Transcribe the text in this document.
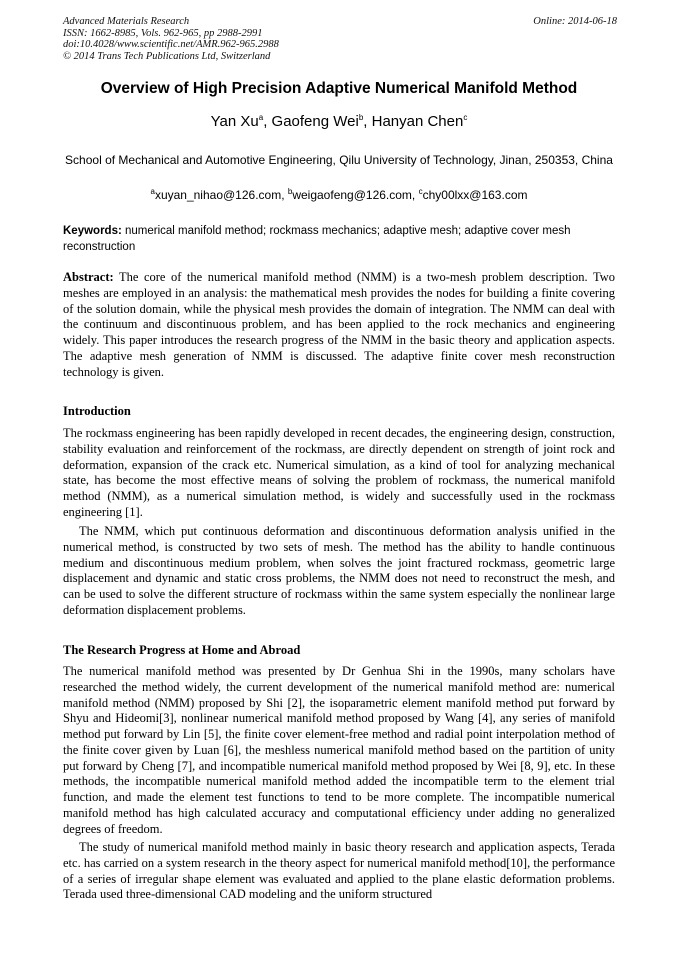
Advanced Materials Research
ISSN: 1662-8985, Vols. 962-965, pp 2988-2991
doi:10.4028/www.scientific.net/AMR.962-965.2988
© 2014 Trans Tech Publications Ltd, Switzerland
Online: 2014-06-18
Overview of High Precision Adaptive Numerical Manifold Method
Yan Xu$^a$, Gaofeng Wei$^b$, Hanyan Chen$^c$
School of Mechanical and Automotive Engineering, Qilu University of Technology, Jinan, 250353, China
$^a$xuyan_nihao@126.com, $^b$weigaofeng@126.com, $^c$chy00lxx@163.com
Keywords: numerical manifold method; rockmass mechanics; adaptive mesh; adaptive cover mesh reconstruction

Abstract: The core of the numerical manifold method (NMM) is a two-mesh problem description. Two meshes are employed in an analysis: the mathematical mesh provides the nodes for building a finite covering of the solution domain, while the physical mesh provides the domain of integration. The NMM can deal with the continuum and discontinuous problem, and has been applied to the rock mechanics and engineering widely. This paper introduces the research progress of the NMM in the basic theory and application aspects. The adaptive mesh generation of NMM is discussed. The adaptive finite cover mesh reconstruction technology is given.

Introduction

The rockmass engineering has been rapidly developed in recent decades, the engineering design, construction, stability evaluation and reinforcement of the rockmass, are directly dependent on strength of joint rock and deformation, expansion of the crack etc. Numerical simulation, as a kind of tool for analyzing mechanical state, has become the most effective means of solving the problem of rockmass, the numerical manifold method (NMM), as a numerical simulation method, is widely and successfully used in the rockmass engineering [1].

The NMM, which put continuous deformation and discontinuous deformation analysis unified in the numerical method, is constructed by two sets of mesh. The method has the ability to handle continuous medium and discontinuous medium problem, when solves the joint fractured rockmass, geometric large displacement and dynamic and static cross problems, the NMM does not need to reconstruct the mesh, and can be used to solve the different structure of rockmass within the same system especially the nonlinear large deformation displacement problems.

The Research Progress at Home and Abroad

The numerical manifold method was presented by Dr Genhua Shi in the 1990s, many scholars have researched the method widely, the current development of the numerical manifold method are: numerical manifold method (NMM) proposed by Shi [2], the isoparametric element manifold method put forward by Shyu and Hideomi[3], nonlinear numerical manifold method proposed by Wang [4], any series of manifold method put forward by Lin [5], the finite cover element-free method and radial point interpolation method of the finite cover given by Luan [6], the meshless numerical manifold method based on the partition of unity put forward by Cheng [7], and incompatible numerical manifold method proposed by Wei [8, 9], etc. In these methods, the incompatible numerical manifold method added the incompatible term to the element trial function, and made the element test functions to tend to be more complete. The incompatible numerical manifold method has high calculated accuracy and computational efficiency under adding no generalized degrees of freedom.

The study of numerical manifold method mainly in basic theory research and application aspects, Terada etc. has carried on a system research in the theory aspect for numerical manifold method[10], the performance of a series of irregular shape element was evaluated and applied to the plane elastic deformation problems. Terada used three-dimensional CAD modeling and the uniform structured
